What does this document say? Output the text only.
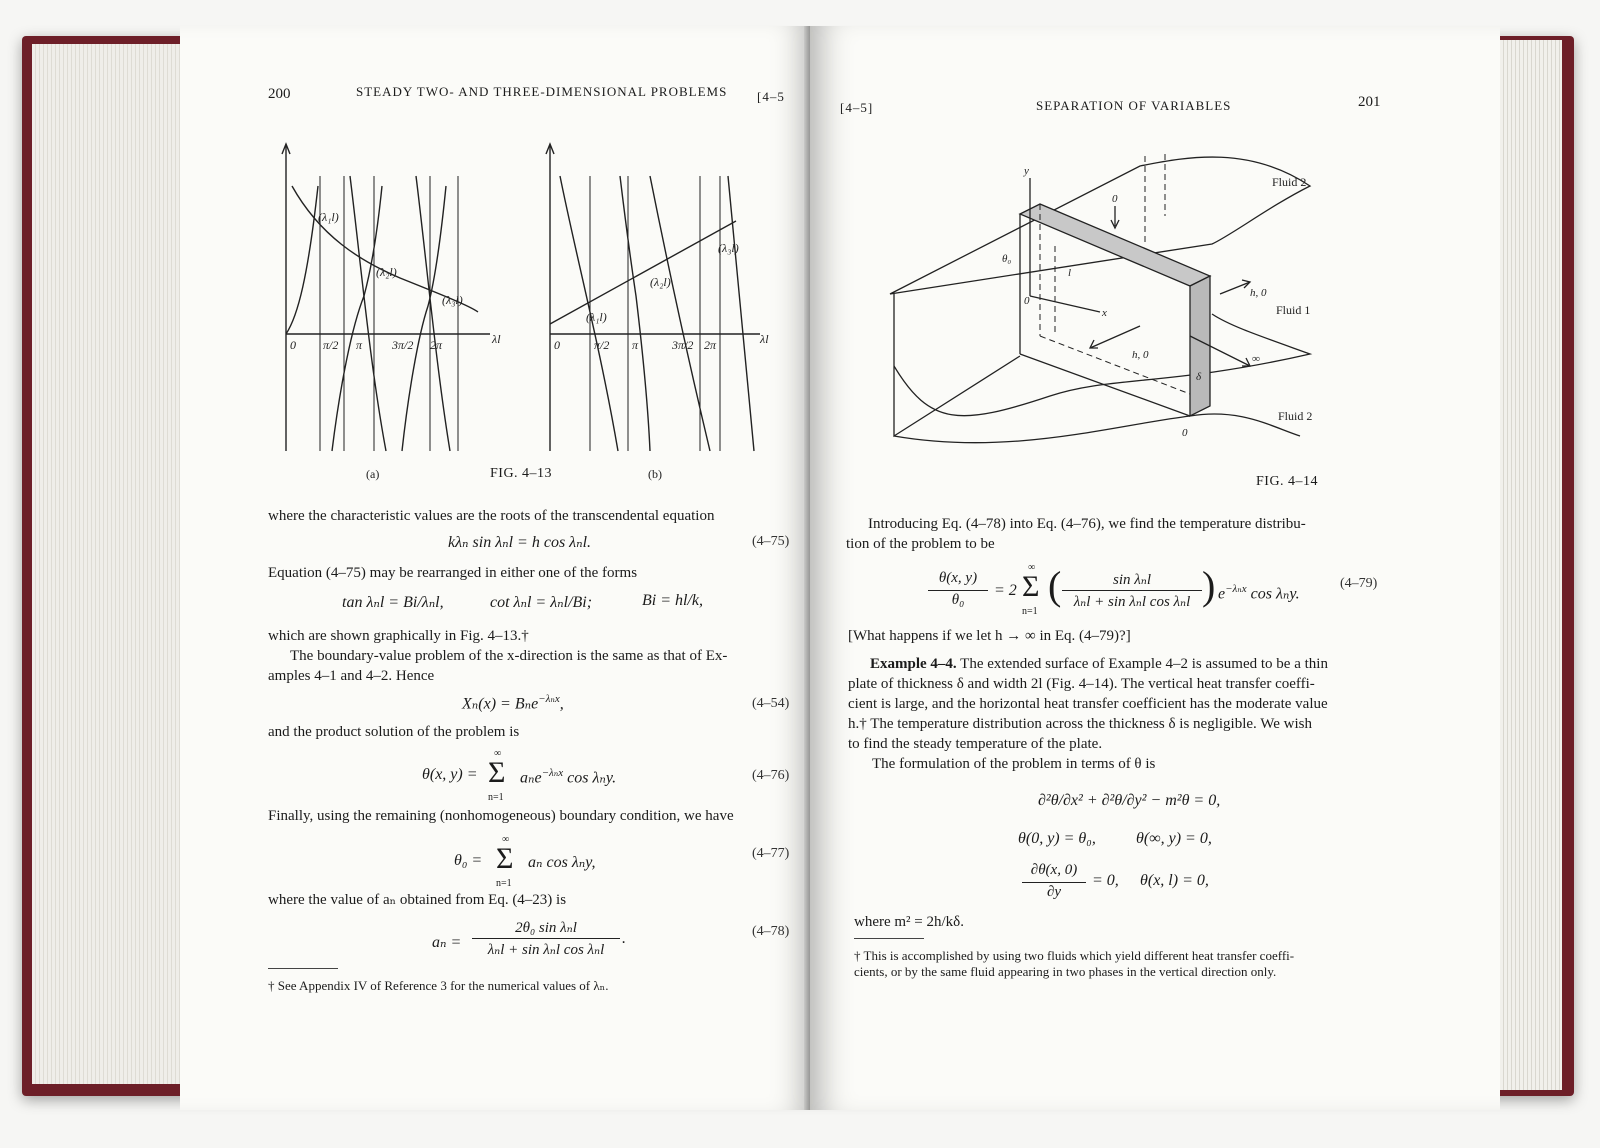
200	STEADY TWO- AND THREE-DIMENSIONAL PROBLEMS [4–5
(λ₁l)
(λ₂l)
(λ₃l)
(λ₁l)
(λ₂l)
(λ₃l)
0 π/2 π 3π/2 2π	λl	0	π/2 π	3π/2 2π	λl
(a)	(b)
FIG. 4–13
where the characteristic values are the roots of the transcendental equation
kλₙ sin λₙl = h cos λₙl.	(4–75)
Equation (4–75) may be rearranged in either one of the forms
tan λₙl = Bi/λₙl,	cot λₙl = λₙl/Bi;	Bi = hl/k,
which are shown graphically in Fig. 4–13.†
The boundary-value problem of the x-direction is the same as that of Ex-
amples 4–1 and 4–2. Hence
Xₙ(x) = Bₙe$^{-\lambda_nx}$,	(4–54)
and the product solution of the problem is
θ(x, y) =
∞
Σ
n=1
aₙe$^{-\lambda_nx}$ cos λₙy.	(4–76)
Finally, using the remaining (nonhomogeneous) boundary condition, we have
θ₀ =
∞
Σ
n=1
aₙ cos λₙy,
(4–77)
where the value of aₙ obtained from Eq. (4–23) is
aₙ =
2θ₀ sin λₙl
λₙl + sin λₙl cos λₙl
.	(4–78)
† See Appendix IV of Reference 3 for the numerical values of λₙ.
[4–5]	SEPARATION OF VARIABLES	201
Fluid 2
Fluid 1
Fluid 2
y
x
θ₀
0
0
0
h, 0
h, 0	∞
δ
l
FIG. 4–14
Introducing Eq. (4–78) into Eq. (4–76), we find the temperature distribu-
tion of the problem to be
θ(x, y)
θ₀
= 2
∞
Σ
n=1
(	sin λₙl
λₙl + sin λₙl cos λₙl ) $e^{-\lambda_nx}$ cos λₙy.
(4–79)
[What happens if we let h → ∞ in Eq. (4–79)?]
Example 4–4. The extended surface of Example 4–2 is assumed to be a thin
plate of thickness δ and width 2l (Fig. 4–14). The vertical heat transfer coeffi-
cient is large, and the horizontal heat transfer coefficient has the moderate value
h.† The temperature distribution across the thickness δ is negligible. We wish
to find the steady temperature of the plate.
The formulation of the problem in terms of θ is
∂²θ/∂x² + ∂²θ/∂y² − m²θ = 0,
θ(0, y) = θ₀,	θ(∞, y) = 0,
∂θ(x, 0)
∂y
= 0, θ(x, l) = 0,
where m² = 2h/kδ.
† This is accomplished by using two fluids which yield different heat transfer coeffi-
cients, or by the same fluid appearing in two phases in the vertical direction only.
